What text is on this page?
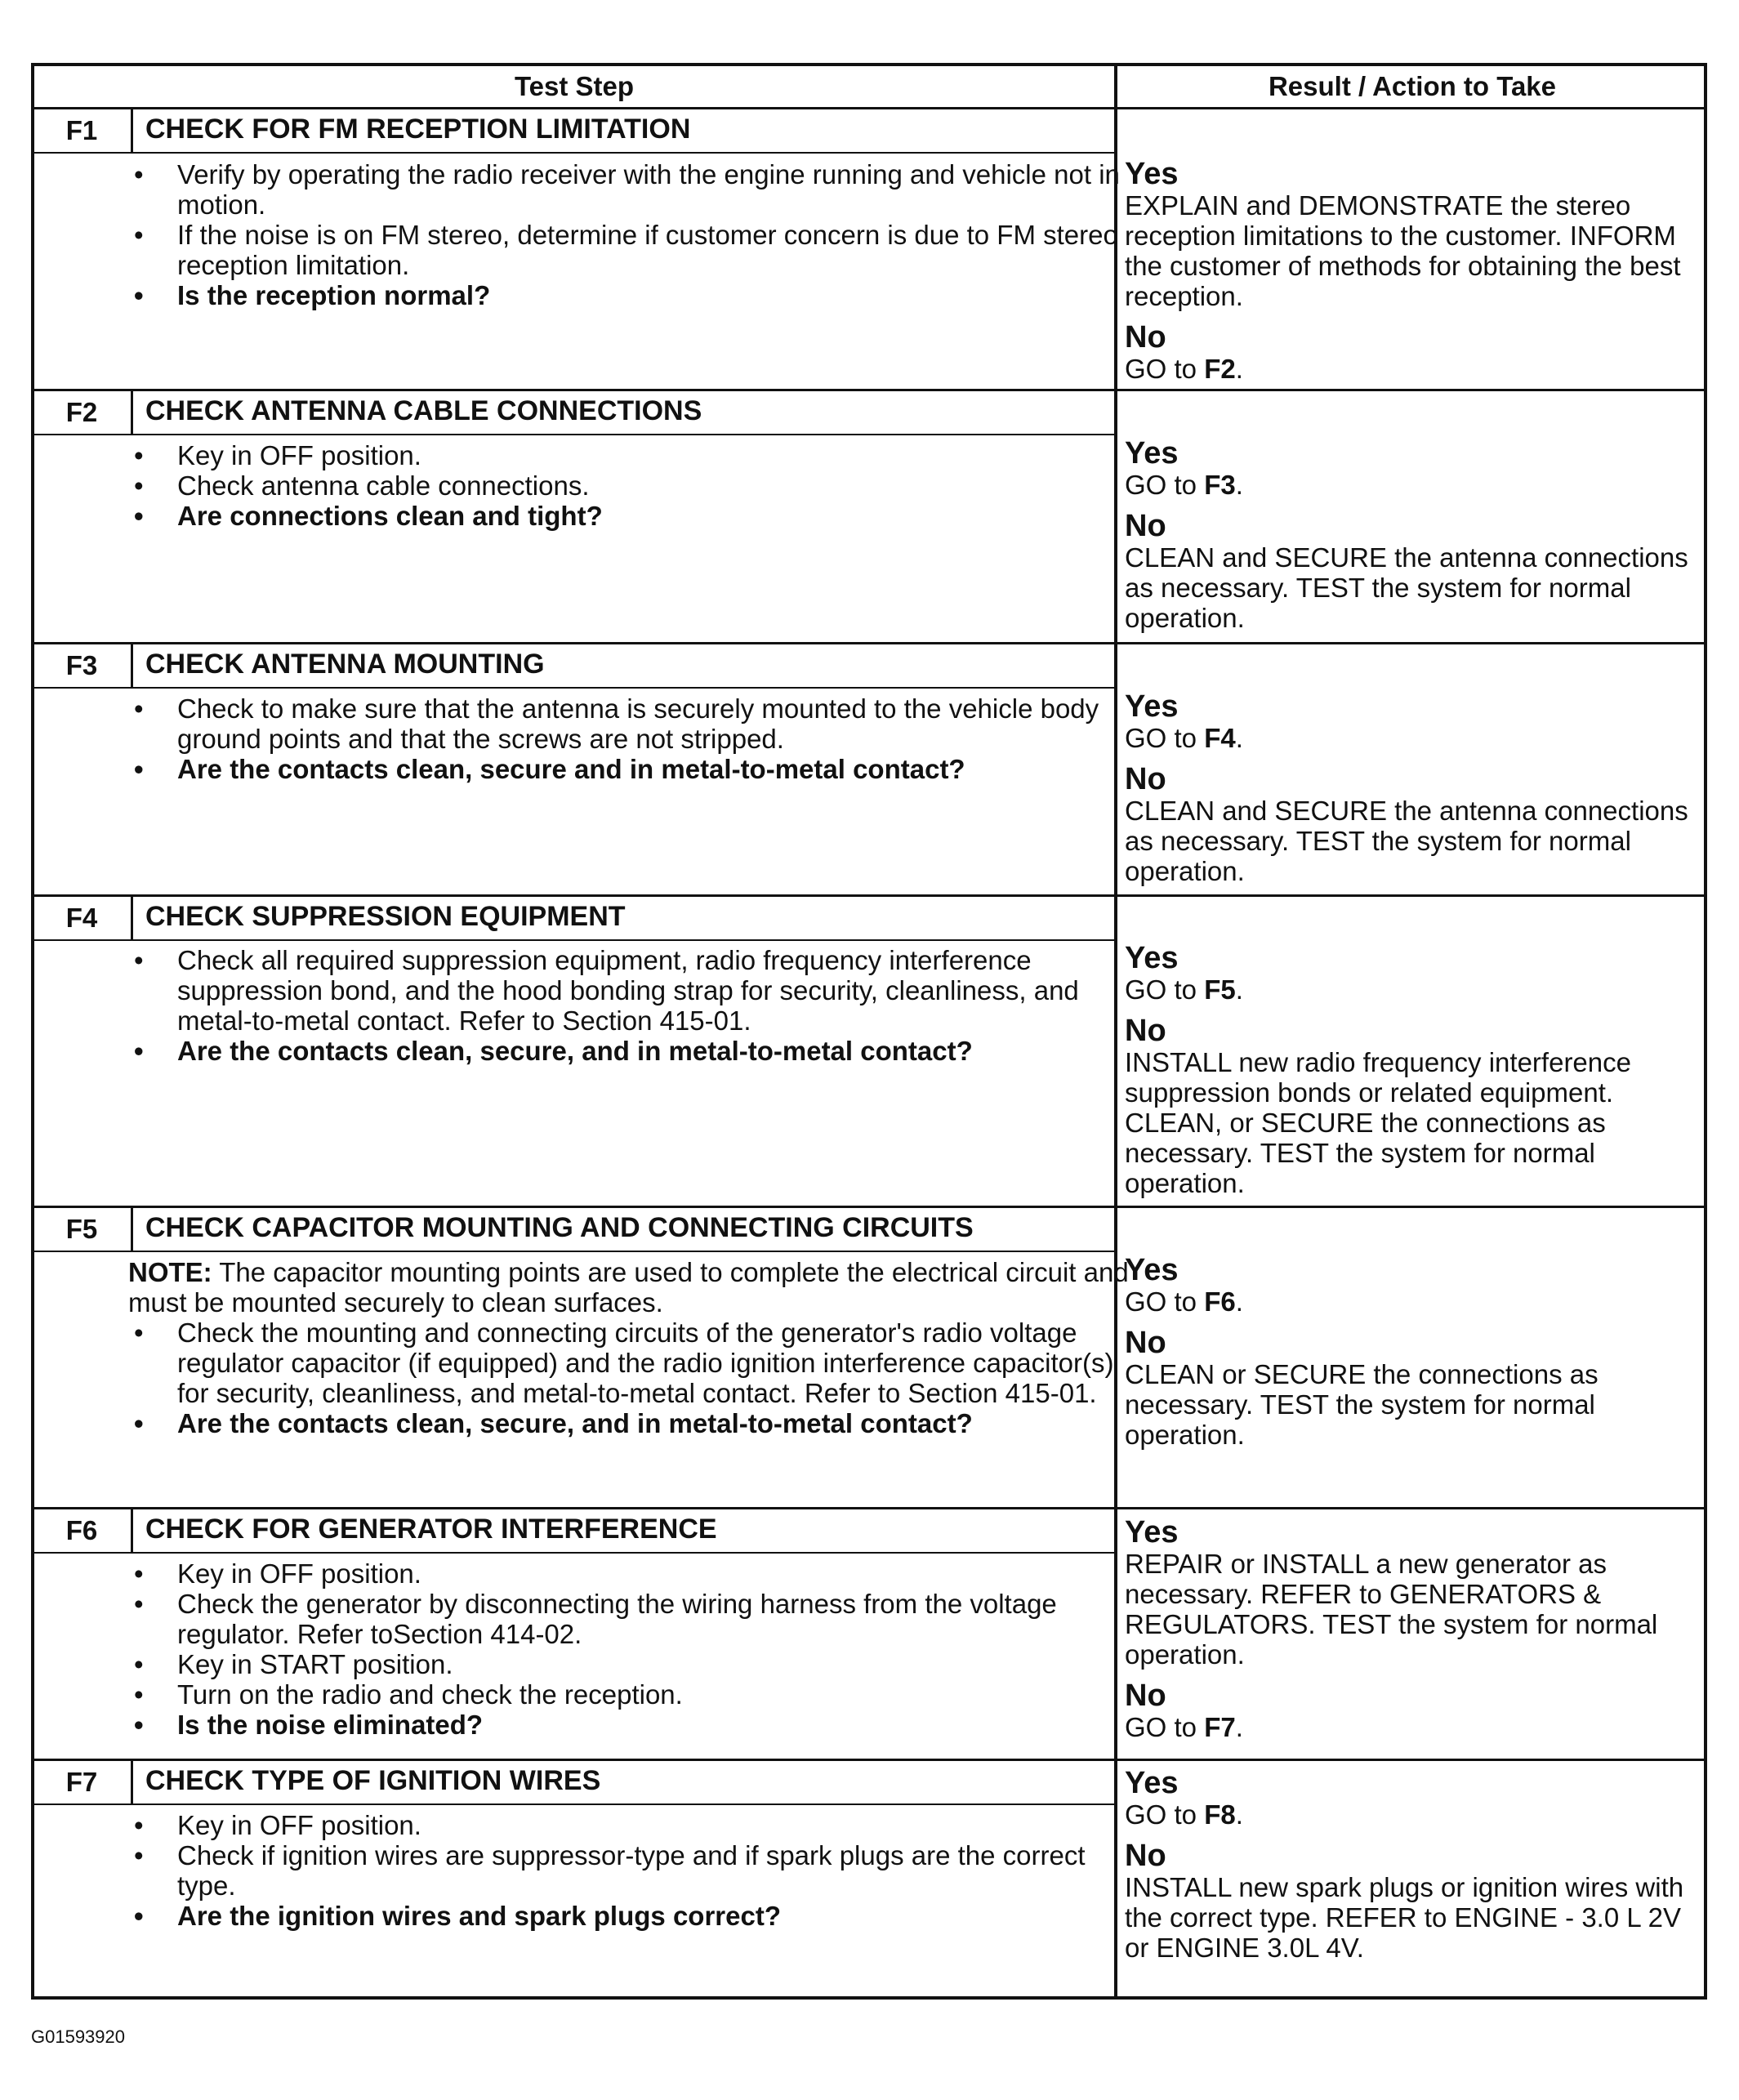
Test Step	Result / Action to Take
F1	CHECK FOR FM RECEPTION LIMITATION
• Verify by operating the radio receiver with the engine running and vehicle not in motion.
• If the noise is on FM stereo, determine if customer concern is due to FM stereo reception limitation.
• Is the reception normal?
Yes

EXPLAIN and DEMONSTRATE the stereo reception limitations to the customer. INFORM the customer of methods for obtaining the best reception.

No

GO to F2.

F2	CHECK ANTENNA CABLE CONNECTIONS
• Key in OFF position.
• Check antenna cable connections.
• Are connections clean and tight?
Yes

GO to F3.

No

CLEAN and SECURE the antenna connections as necessary. TEST the system for normal operation.

F3	CHECK ANTENNA MOUNTING
• Check to make sure that the antenna is securely mounted to the vehicle body ground points and that the screws are not stripped.
• Are the contacts clean, secure and in metal-to-metal contact?
Yes

GO to F4.

No

CLEAN and SECURE the antenna connections as necessary. TEST the system for normal operation.

F4	CHECK SUPPRESSION EQUIPMENT
• Check all required suppression equipment, radio frequency interference suppression bond, and the hood bonding strap for security, cleanliness, and metal-to-metal contact. Refer to Section 415-01.
• Are the contacts clean, secure, and in metal-to-metal contact?
Yes

GO to F5.

No

INSTALL new radio frequency interference suppression bonds or related equipment. CLEAN, or SECURE the connections as necessary. TEST the system for normal operation.

F5	CHECK CAPACITOR MOUNTING AND CONNECTING CIRCUITS
NOTE: The capacitor mounting points are used to complete the electrical circuit and must be mounted securely to clean surfaces.
• Check the mounting and connecting circuits of the generator's radio voltage regulator capacitor (if equipped) and the radio ignition interference capacitor(s) for security, cleanliness, and metal-to-metal contact. Refer to Section 415-01.
• Are the contacts clean, secure, and in metal-to-metal contact?
Yes

GO to F6.

No

CLEAN or SECURE the connections as necessary. TEST the system for normal operation.

F6	CHECK FOR GENERATOR INTERFERENCE
• Key in OFF position.
• Check the generator by disconnecting the wiring harness from the voltage regulator. Refer toSection 414-02.
• Key in START position.
• Turn on the radio and check the reception.
• Is the noise eliminated?
Yes

REPAIR or INSTALL a new generator as necessary. REFER to GENERATORS & REGULATORS. TEST the system for normal operation.

No

GO to F7.

F7	CHECK TYPE OF IGNITION WIRES
• Key in OFF position.
• Check if ignition wires are suppressor-type and if spark plugs are the correct type.
• Are the ignition wires and spark plugs correct?
Yes

GO to F8.

No

INSTALL new spark plugs or ignition wires with the correct type. REFER to ENGINE - 3.0 L 2V or ENGINE 3.0L 4V.

G01593920
